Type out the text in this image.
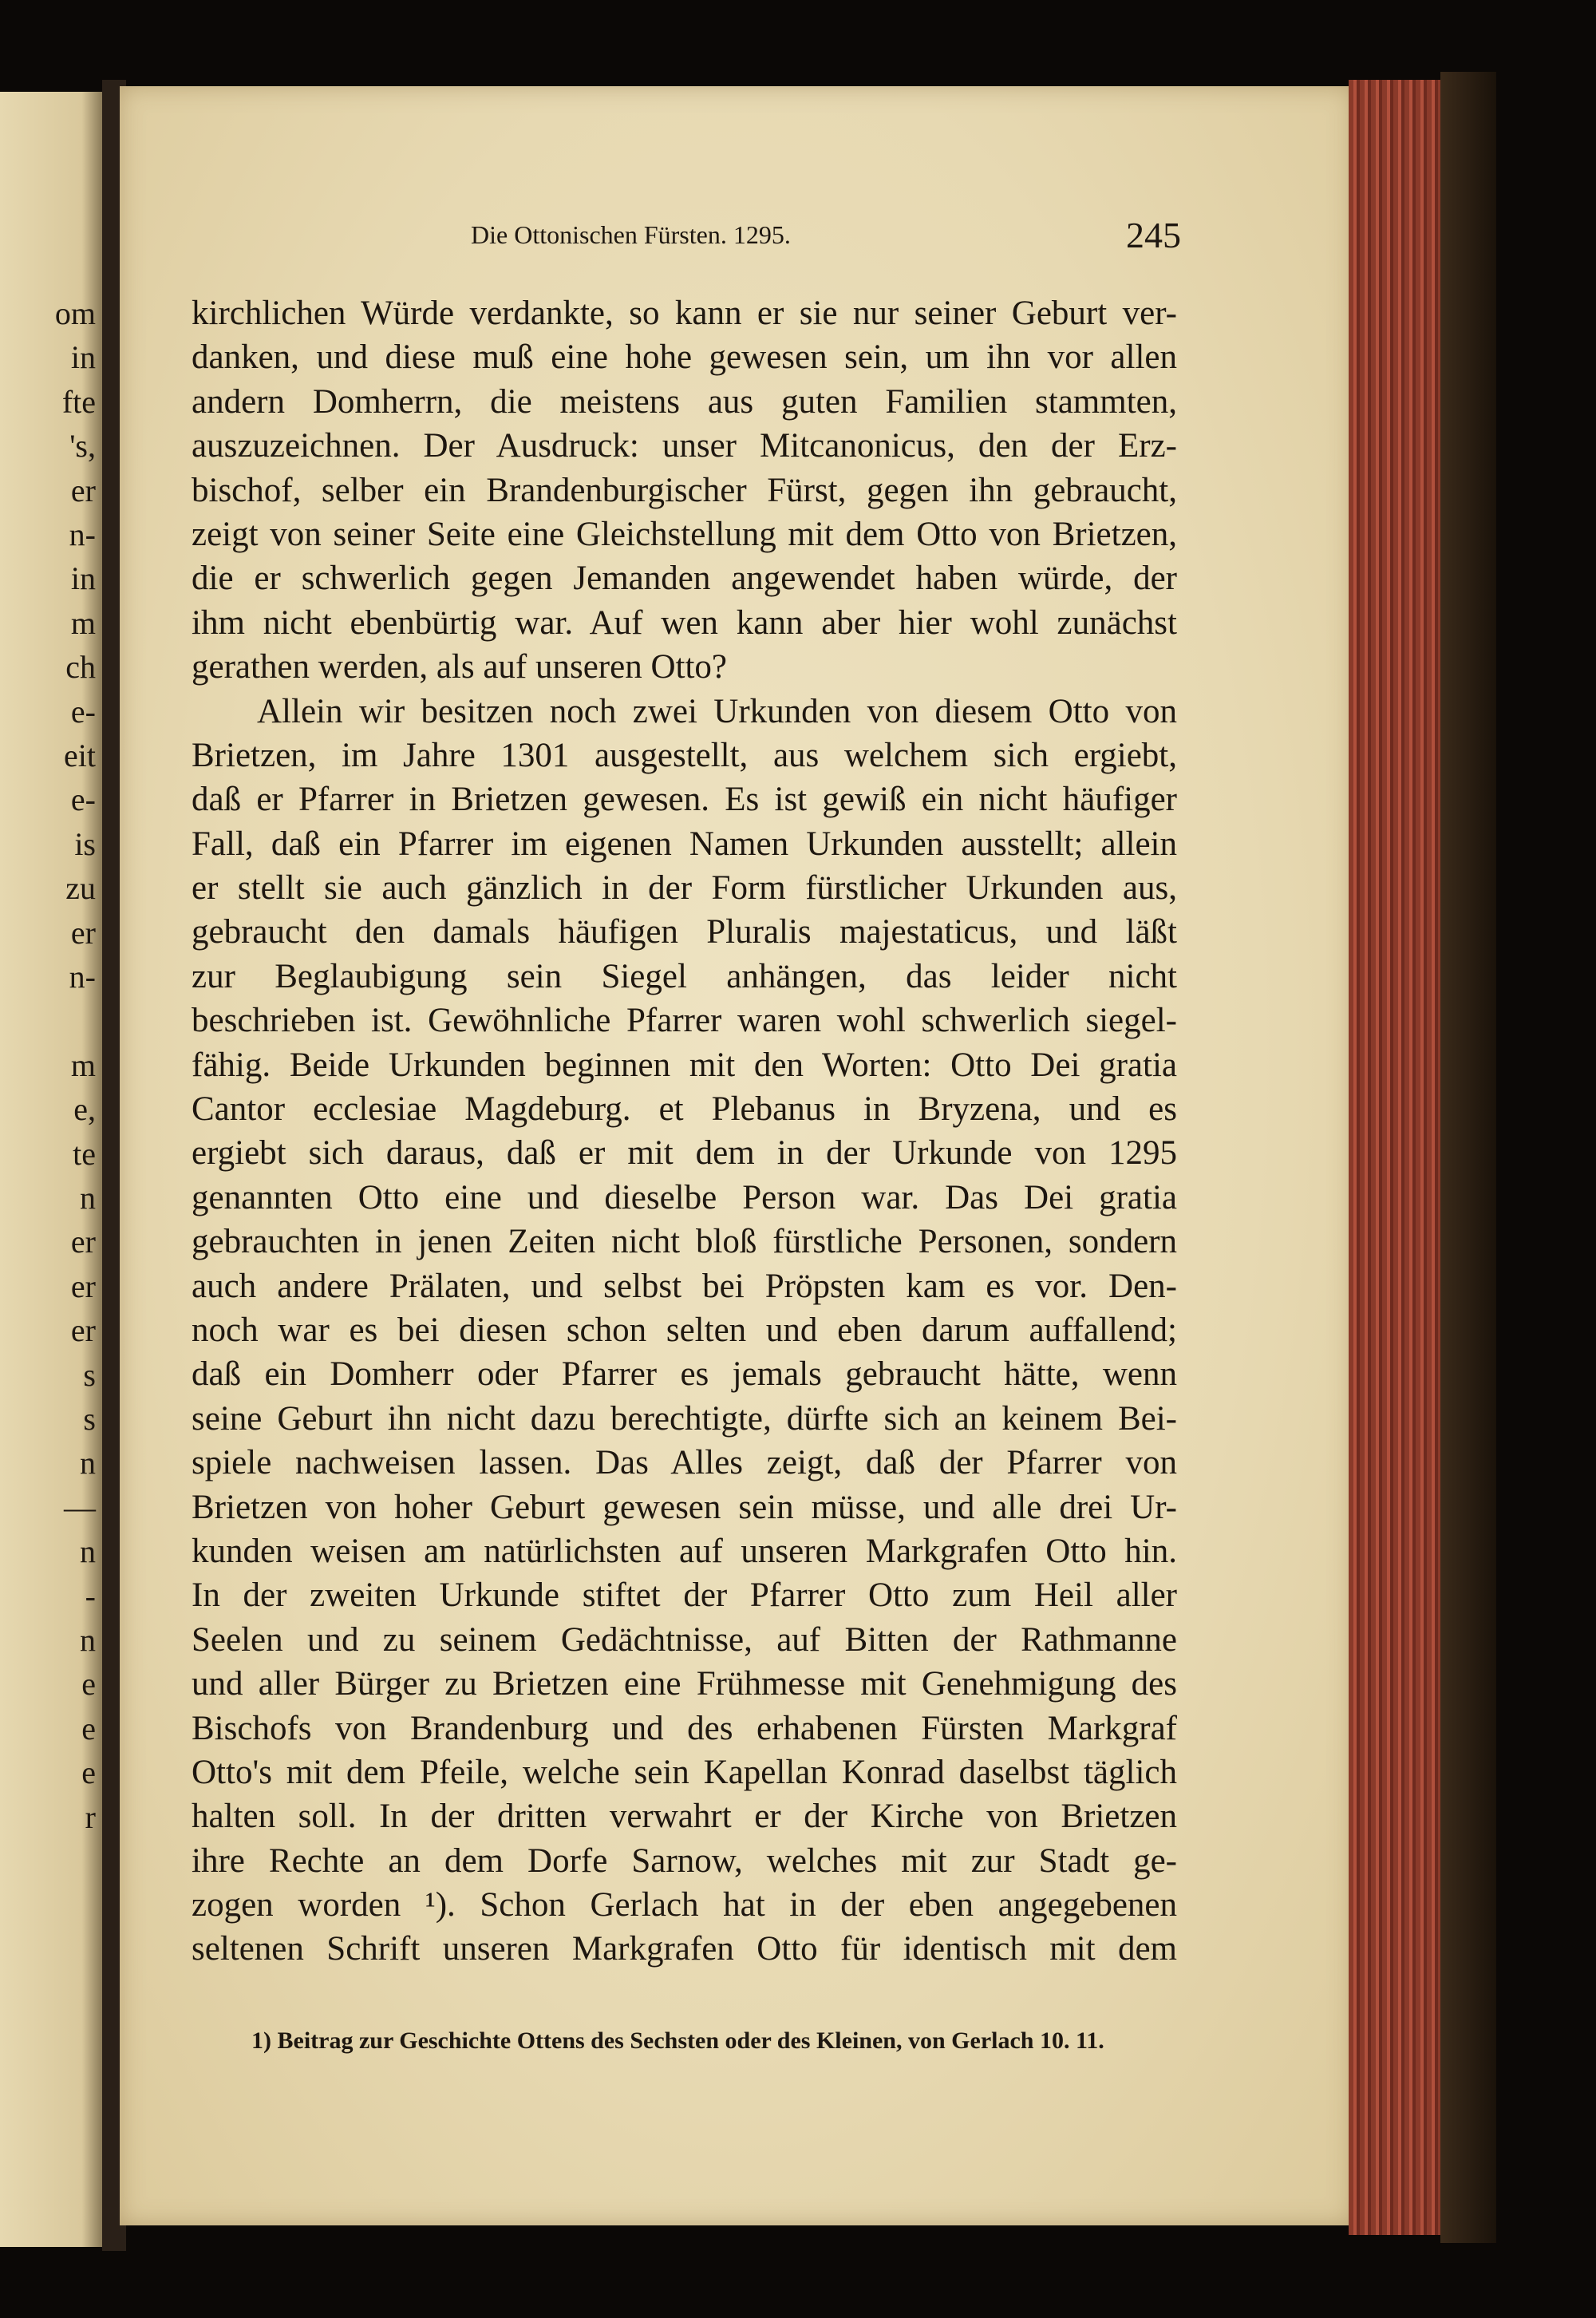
om
in
fte
's,
er
n-
in
m
ch
e-
eit
e-
is
zu
er
n-
m
e,
te
n
er
er
er
s
s
n
—
n
-
n
e
e
e
r
Die Ottonischen Fürsten. 1295.	245
kirchlichen Würde verdankte, so kann er sie nur seiner Geburt ver-
danken, und diese muß eine hohe gewesen sein, um ihn vor allen
andern Domherrn, die meistens aus guten Familien stammten,
auszuzeichnen. Der Ausdruck: unser Mitcanonicus, den der Erz-
bischof, selber ein Brandenburgischer Fürst, gegen ihn gebraucht,
zeigt von seiner Seite eine Gleichstellung mit dem Otto von Brietzen,
die er schwerlich gegen Jemanden angewendet haben würde, der
ihm nicht ebenbürtig war. Auf wen kann aber hier wohl zunächst
gerathen werden, als auf unseren Otto?
Allein wir besitzen noch zwei Urkunden von diesem Otto von
Brietzen, im Jahre 1301 ausgestellt, aus welchem sich ergiebt,
daß er Pfarrer in Brietzen gewesen. Es ist gewiß ein nicht häufiger
Fall, daß ein Pfarrer im eigenen Namen Urkunden ausstellt; allein
er stellt sie auch gänzlich in der Form fürstlicher Urkunden aus,
gebraucht den damals häufigen Pluralis majestaticus, und läßt
zur Beglaubigung sein Siegel anhängen, das leider nicht
beschrieben ist. Gewöhnliche Pfarrer waren wohl schwerlich siegel-
fähig. Beide Urkunden beginnen mit den Worten: Otto Dei gratia
Cantor ecclesiae Magdeburg. et Plebanus in Bryzena, und es
ergiebt sich daraus, daß er mit dem in der Urkunde von 1295
genannten Otto eine und dieselbe Person war. Das Dei gratia
gebrauchten in jenen Zeiten nicht bloß fürstliche Personen, sondern
auch andere Prälaten, und selbst bei Pröpsten kam es vor. Den-
noch war es bei diesen schon selten und eben darum auffallend;
daß ein Domherr oder Pfarrer es jemals gebraucht hätte, wenn
seine Geburt ihn nicht dazu berechtigte, dürfte sich an keinem Bei-
spiele nachweisen lassen. Das Alles zeigt, daß der Pfarrer von
Brietzen von hoher Geburt gewesen sein müsse, und alle drei Ur-
kunden weisen am natürlichsten auf unseren Markgrafen Otto hin.
In der zweiten Urkunde stiftet der Pfarrer Otto zum Heil aller
Seelen und zu seinem Gedächtnisse, auf Bitten der Rathmanne
und aller Bürger zu Brietzen eine Frühmesse mit Genehmigung des
Bischofs von Brandenburg und des erhabenen Fürsten Markgraf
Otto's mit dem Pfeile, welche sein Kapellan Konrad daselbst täglich
halten soll. In der dritten verwahrt er der Kirche von Brietzen
ihre Rechte an dem Dorfe Sarnow, welches mit zur Stadt ge-
zogen worden ¹). Schon Gerlach hat in der eben angegebenen
seltenen Schrift unseren Markgrafen Otto für identisch mit dem
1) Beitrag zur Geschichte Ottens des Sechsten oder des Kleinen, von Gerlach 10. 11.
